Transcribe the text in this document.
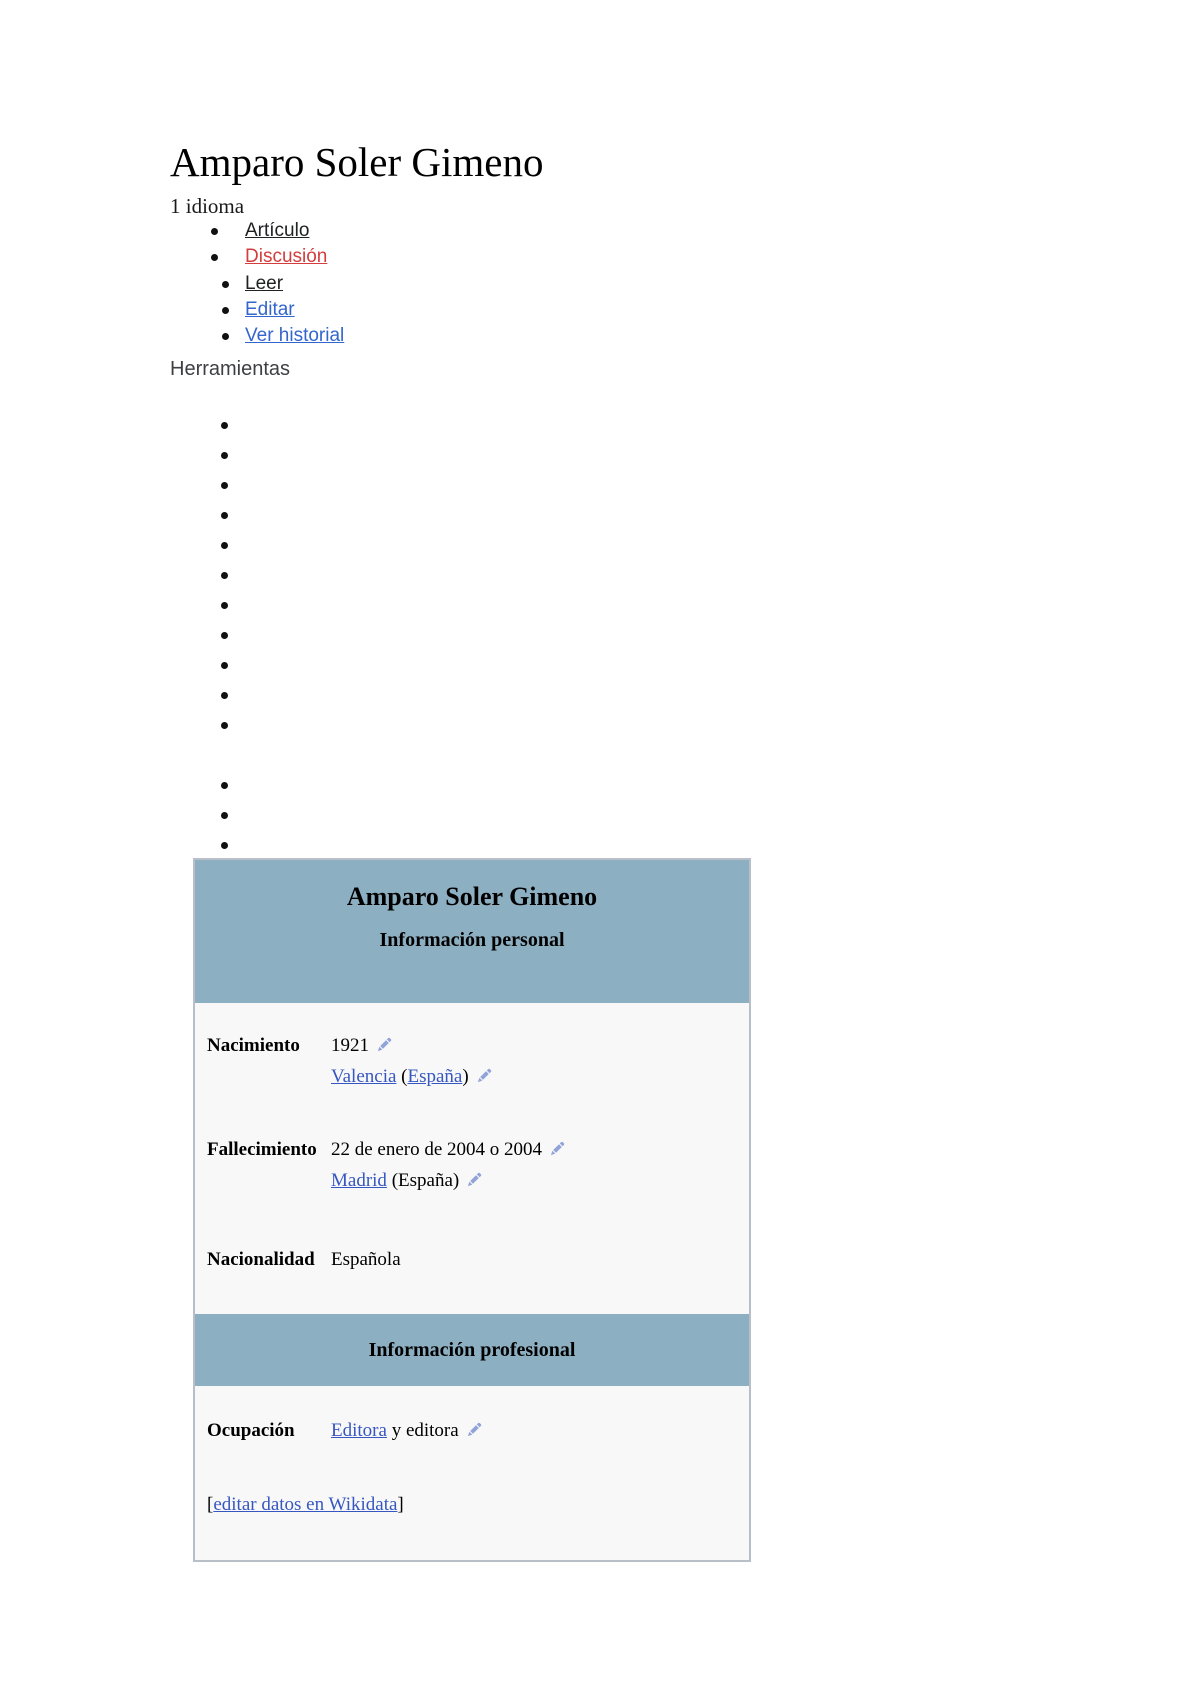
Amparo Soler Gimeno
1 idioma
Artículo
Discusión
Leer
Editar
Ver historial
Herramientas
Amparo Soler Gimeno
Información personal
Nacimiento	1921
Valencia (España)
Fallecimiento 22 de enero de 2004 o 2004
Madrid (España)
Nacionalidad Española
Información profesional
Ocupación	Editora y editora
[editar datos en Wikidata]
